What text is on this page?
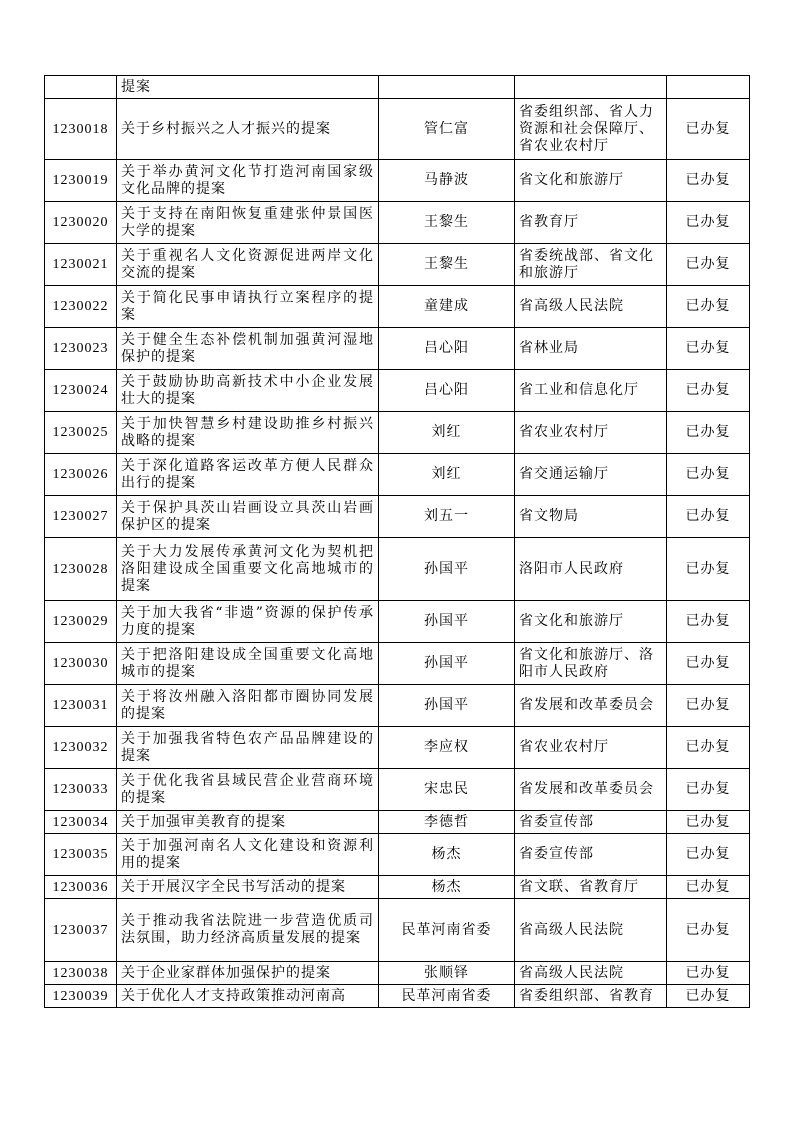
	提案			
1230018	关于乡村振兴之人才振兴的提案	管仁富	省委组织部、省人力资源和社会保障厅、省农业农村厅	已办复
1230019	关于举办黄河文化节打造河南国家级文化品牌的提案	马静波	省文化和旅游厅	已办复
1230020	关于支持在南阳恢复重建张仲景国医大学的提案	王黎生	省教育厅	已办复
1230021	关于重视名人文化资源促进两岸文化交流的提案	王黎生	省委统战部、省文化和旅游厅	已办复
1230022	关于简化民事申请执行立案程序的提案	童建成	省高级人民法院	已办复
1230023	关于健全生态补偿机制加强黄河湿地保护的提案	吕心阳	省林业局	已办复
1230024	关于鼓励协助高新技术中小企业发展壮大的提案	吕心阳	省工业和信息化厅	已办复
1230025	关于加快智慧乡村建设助推乡村振兴战略的提案	刘红	省农业农村厅	已办复
1230026	关于深化道路客运改革方便人民群众出行的提案	刘红	省交通运输厅	已办复
1230027	关于保护具茨山岩画设立具茨山岩画保护区的提案	刘五一	省文物局	已办复
1230028	关于大力发展传承黄河文化为契机把洛阳建设成全国重要文化高地城市的提案	孙国平	洛阳市人民政府	已办复
1230029	关于加大我省“非遗”资源的保护传承力度的提案	孙国平	省文化和旅游厅	已办复
1230030	关于把洛阳建设成全国重要文化高地城市的提案	孙国平	省文化和旅游厅、洛阳市人民政府	已办复
1230031	关于将汝州融入洛阳都市圈协同发展的提案	孙国平	省发展和改革委员会	已办复
1230032	关于加强我省特色农产品品牌建设的提案	李应权	省农业农村厅	已办复
1230033	关于优化我省县域民营企业营商环境的提案	宋忠民	省发展和改革委员会	已办复
1230034	关于加强审美教育的提案	李德哲	省委宣传部	已办复
1230035	关于加强河南名人文化建设和资源利用的提案	杨杰	省委宣传部	已办复
1230036	关于开展汉字全民书写活动的提案	杨杰	省文联、省教育厅	已办复
1230037	关于推动我省法院进一步营造优质司法氛围，助力经济高质量发展的提案	民革河南省委	省高级人民法院	已办复
1230038	关于企业家群体加强保护的提案	张顺铎	省高级人民法院	已办复
1230039	关于优化人才支持政策推动河南高	民革河南省委	省委组织部、省教育	已办复
